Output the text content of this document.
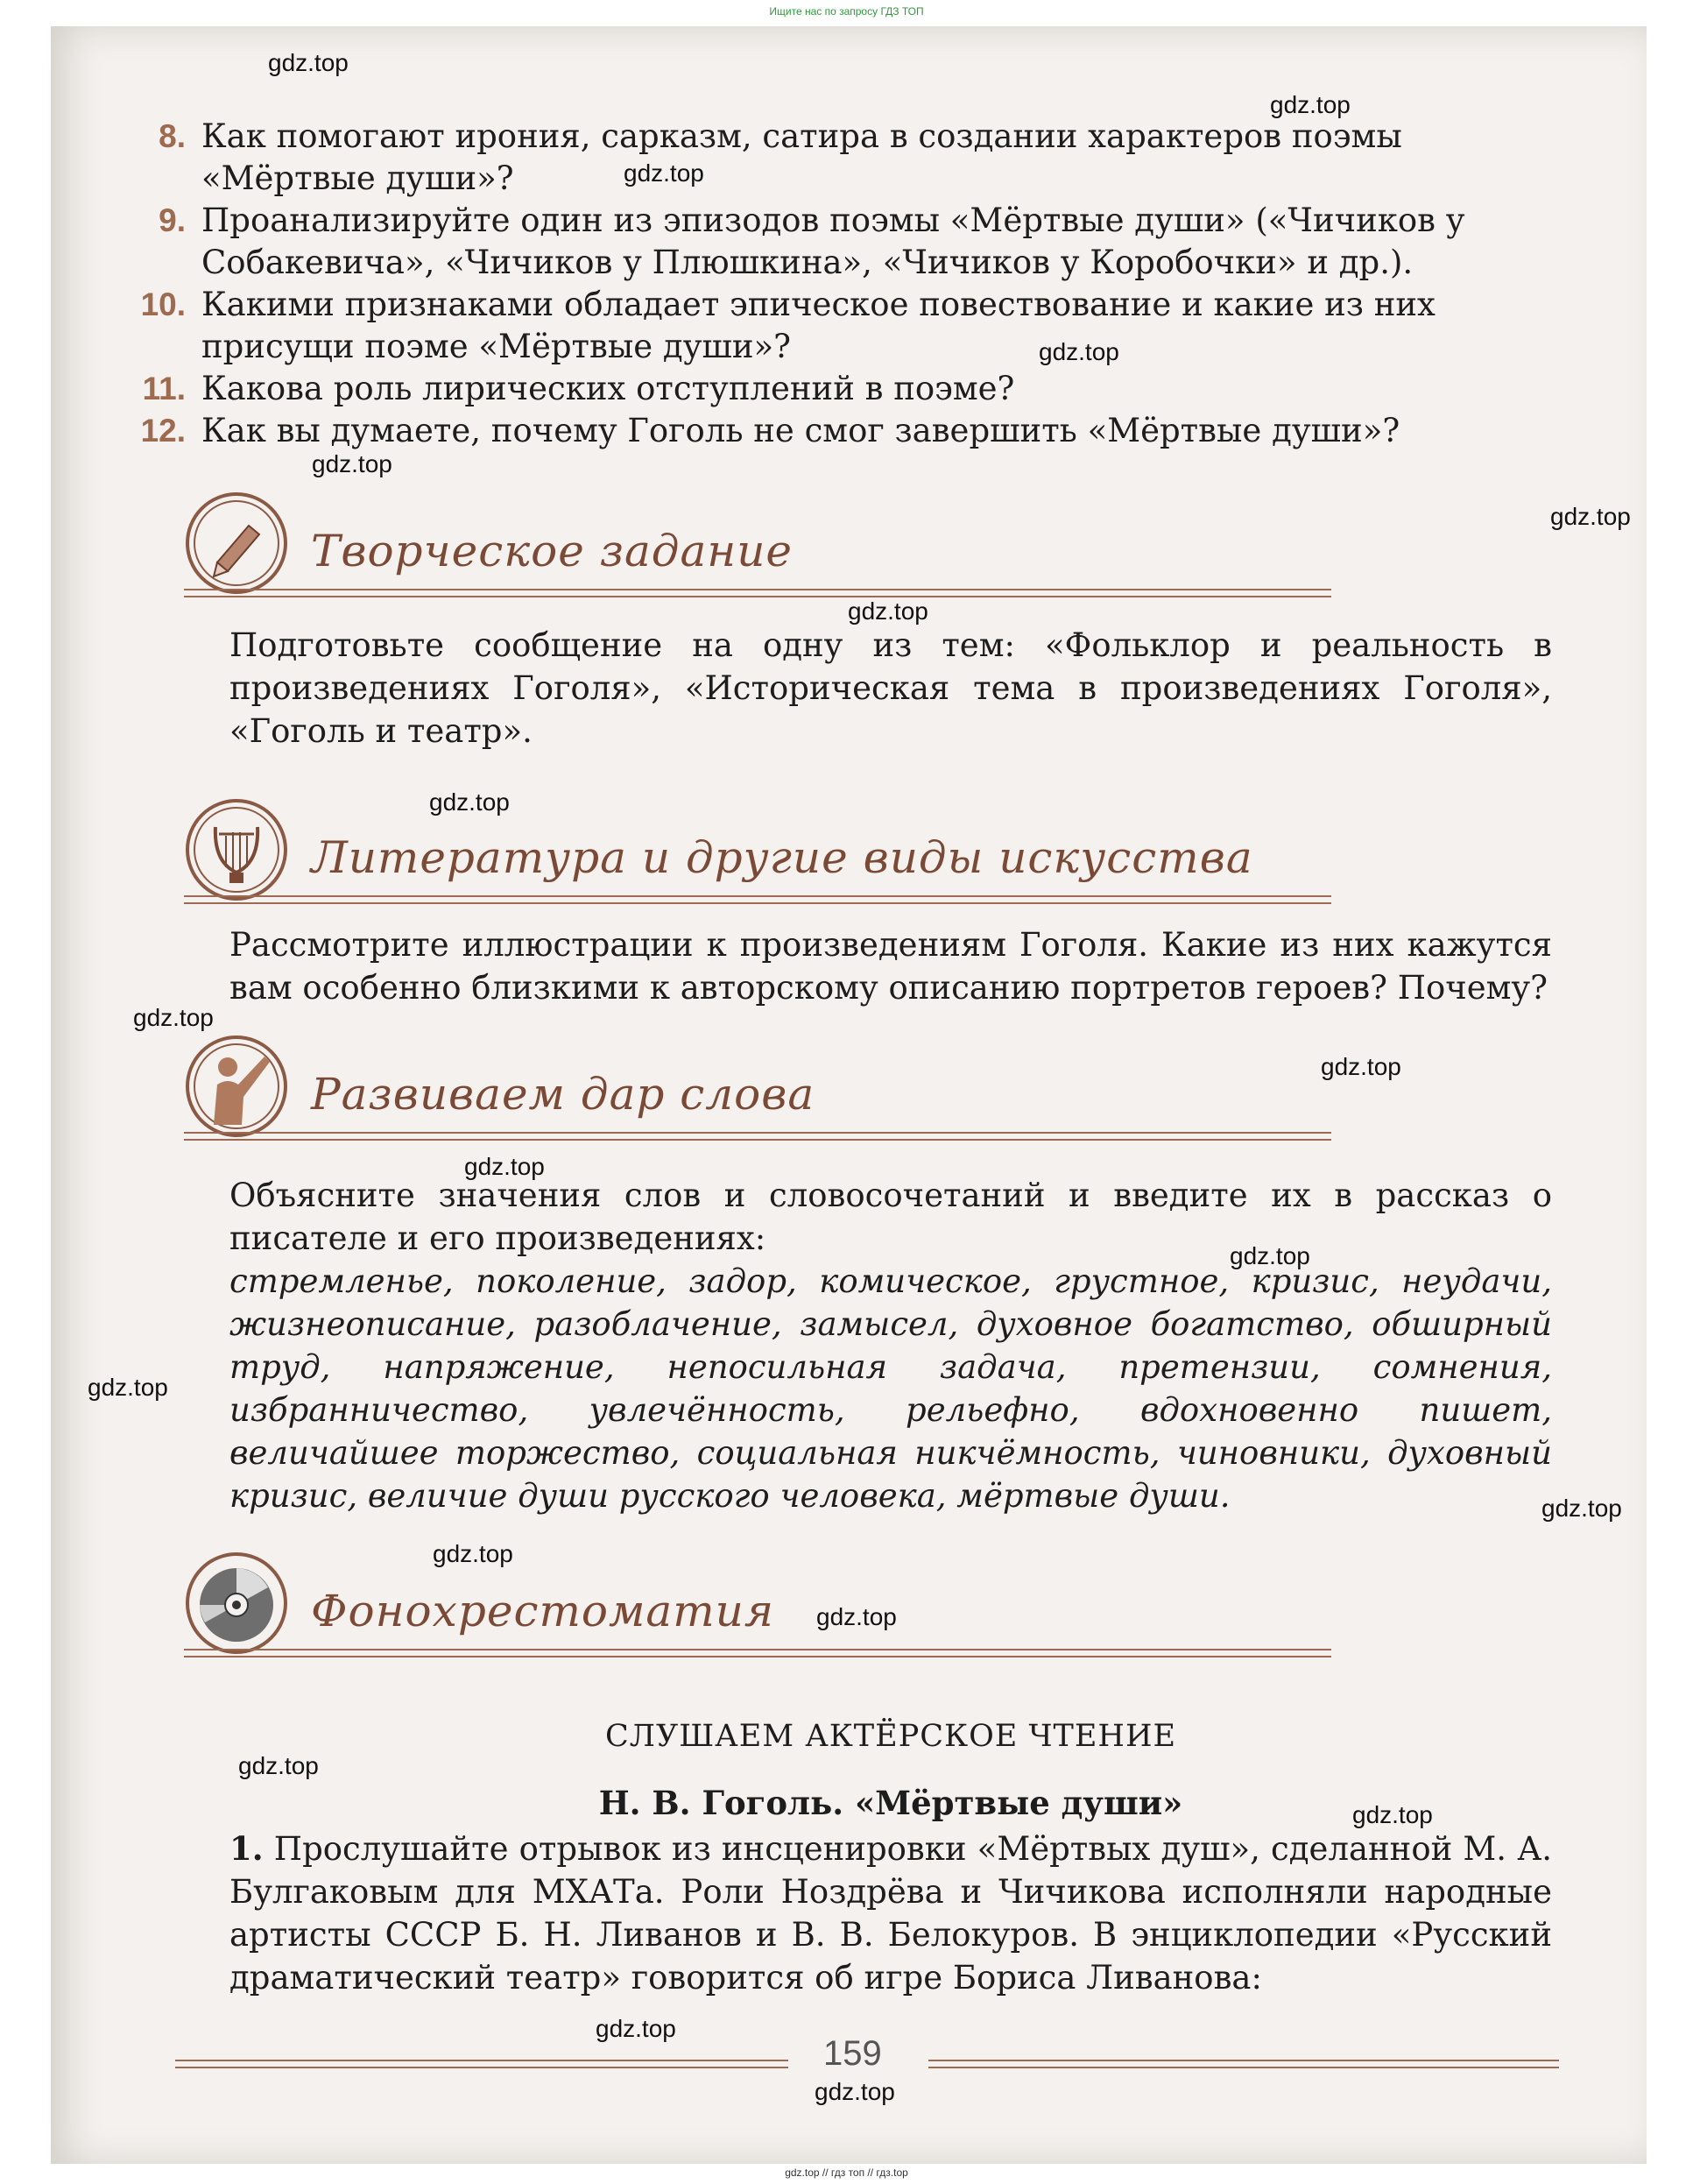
Ищите нас по запросу ГДЗ ТОП
8. Как помогают ирония, сарказм, сатира в создании характеров поэмы «Мёртвые души»?
9. Проанализируйте один из эпизодов поэмы «Мёртвые души» («Чичиков у Собакевича», «Чичиков у Плюшкина», «Чичиков у Коробочки» и др.).
10. Какими признаками обладает эпическое повествование и какие из них присущи поэме «Мёртвые души»?
11. Какова роль лирических отступлений в поэме?
12. Как вы думаете, почему Гоголь не смог завершить «Мёртвые души»?
Творческое задание
Подготовьте сообщение на одну из тем: «Фольклор и реальность в произведениях Гоголя», «Историческая тема в произведениях Гоголя», «Гоголь и театр».
Литература и другие виды искусства
Рассмотрите иллюстрации к произведениям Гоголя. Какие из них кажутся вам особенно близкими к авторскому описанию портретов героев? Почему?
Развиваем дар слова
Объясните значения слов и словосочетаний и введите их в рассказ о писателе и его произведениях:
стремленье, поколение, задор, комическое, грустное, кризис, неудачи, жизнеописание, разоблачение, замысел, духовное богатство, обширный труд, напряжение, непосильная задача, претензии, сомнения, избранничество, увлечённость, рельефно, вдохновенно пишет, величайшее торжество, социальная никчёмность, чиновники, духовный кризис, величие души русского человека, мёртвые души.
Фонохрестоматия
СЛУШАЕМ АКТЁРСКОЕ ЧТЕНИЕ
Н. В. Гоголь. «Мёртвые души»
1. Прослушайте отрывок из инсценировки «Мёртвых душ», сделанной М. А. Булгаковым для МХАТа. Роли Ноздрёва и Чичикова исполняли народные артисты СССР Б. Н. Ливанов и В. В. Белокуров. В энциклопедии «Русский драматический театр» говорится об игре Бориса Ливанова:
159
gdz.top
gdz.top
gdz.top
gdz.top
gdz.top
gdz.top
gdz.top
gdz.top
gdz.top
gdz.top
gdz.top
gdz.top
gdz.top
gdz.top
gdz.top
gdz.top
gdz.top
gdz.top
gdz.top
gdz.top
gdz.top // гдз топ // гдз.top
